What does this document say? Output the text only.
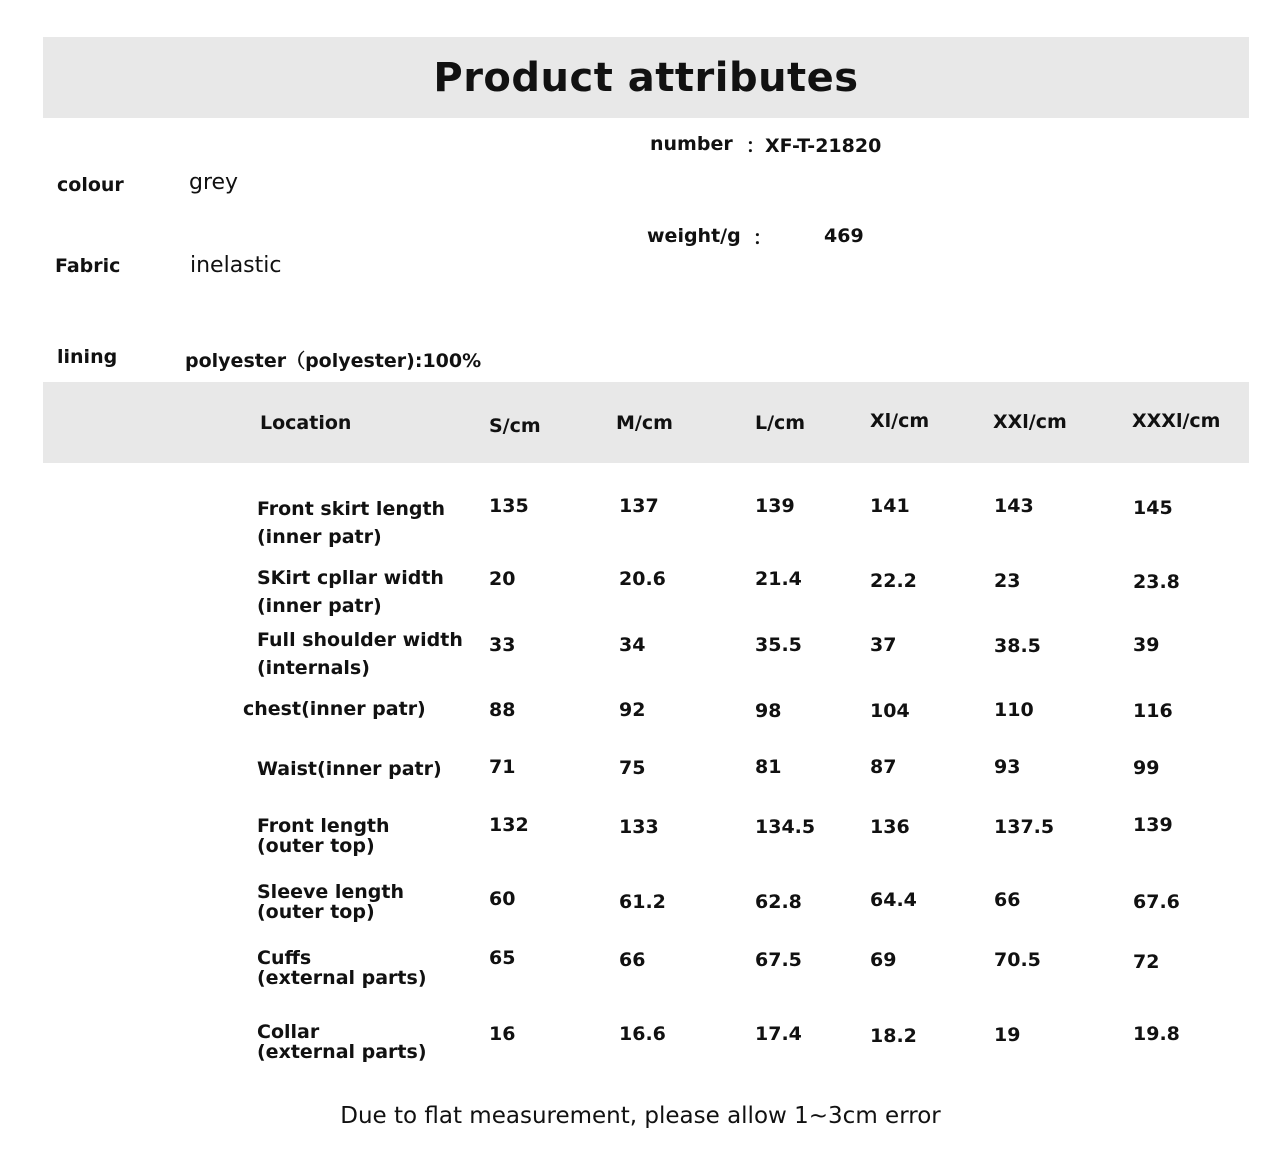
Product attributes
number ：XF-T-21820
colour	grey
weight/g ：	469
Fabric	inelastic
lining	polyester（polyester):100%
Location	S/cm	M/cm	L/cm	Xl/cm	XXl/cm	XXXl/cm
Front skirt length
(inner patr)
135	137	139	141	143	145
SKirt cpllar width
(inner patr)
20	20.6	21.4	22.2	23	23.8
Full shoulder width
(internals)
33	34	35.5	37	38.5	39
chest(inner patr)	88	92	98	104	110	116
Waist(inner patr) 71	75	81	87	93	99
Front length
(outer top)
132	133	134.5	136	137.5	139
Sleeve length
(outer top)
60	61.2	62.8	64.4	66	67.6
Cuffs
(external parts)
65	66	67.5	69	70.5	72
Collar
(external parts)
16	16.6	17.4	18.2	19	19.8
Due to flat measurement, please allow 1~3cm error
